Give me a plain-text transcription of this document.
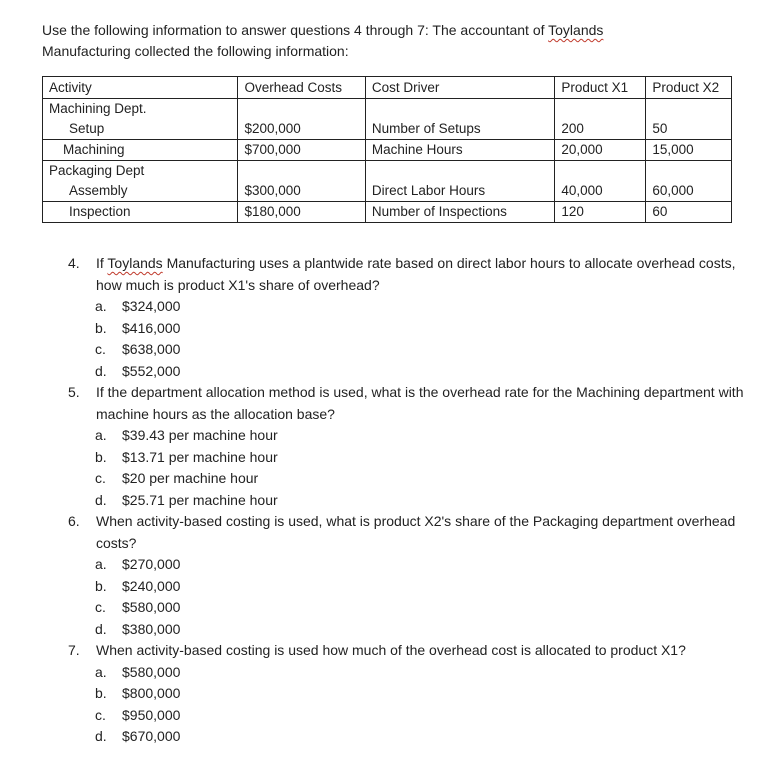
Use the following information to answer questions 4 through 7: The accountant of Toylands
Manufacturing collected the following information:
Activity	Overhead Costs	Cost Driver	Product X1	Product X2
Machining Dept.				
Setup	$200,000	Number of Setups	200	50
Machining	$700,000	Machine Hours	20,000	15,000
Packaging Dept				
Assembly	$300,000	Direct Labor Hours	40,000	60,000
Inspection	$180,000	Number of Inspections	120	60
4. If Toylands Manufacturing uses a plantwide rate based on direct labor hours to allocate overhead costs, how much is product X1's share of overhead?
a. $324,000
b. $416,000
c. $638,000
d. $552,000
5. If the department allocation method is used, what is the overhead rate for the Machining department with machine hours as the allocation base?
a. $39.43 per machine hour
b. $13.71 per machine hour
c. $20 per machine hour
d. $25.71 per machine hour
6. When activity-based costing is used, what is product X2's share of the Packaging department overhead costs?
a. $270,000
b. $240,000
c. $580,000
d. $380,000
7. When activity-based costing is used how much of the overhead cost is allocated to product X1?
a. $580,000
b. $800,000
c. $950,000
d. $670,000
